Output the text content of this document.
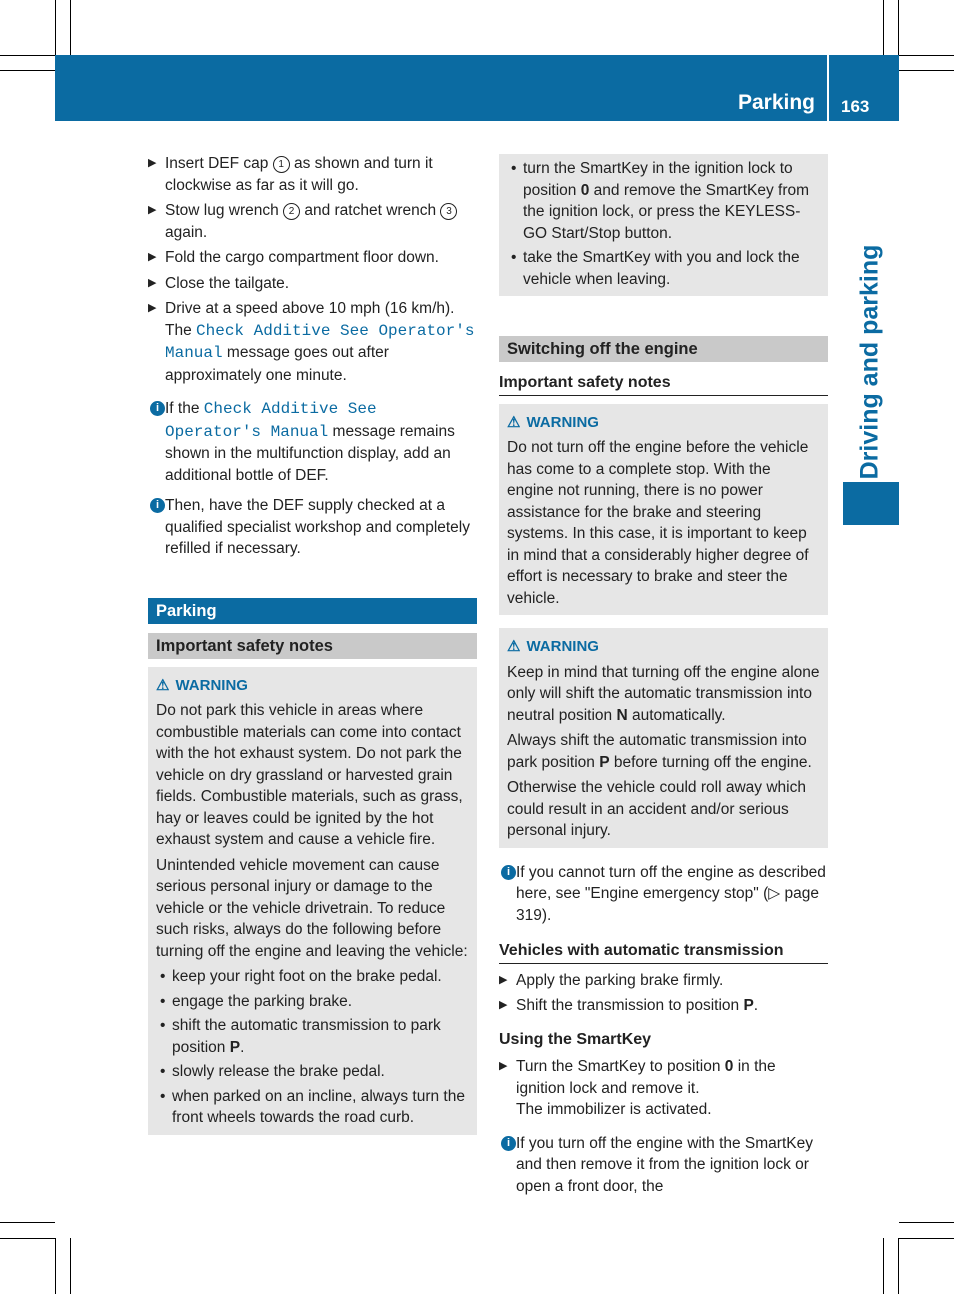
Parking 163
Driving and parking
▶ Insert DEF cap 1 as shown and turn it clockwise as far as it will go.
▶ Stow lug wrench 2 and ratchet wrench 3 again.
▶ Fold the cargo compartment floor down.
▶ Close the tailgate.
▶ Drive at a speed above 10 mph (16 km/h). The Check Additive See Operator's Manual message goes out after approximately one minute.
i If the Check Additive See Operator's Manual message remains shown in the multifunction display, add an additional bottle of DEF.
i Then, have the DEF supply checked at a qualified specialist workshop and completely refilled if necessary.
Parking
Important safety notes
⚠ WARNING

Do not park this vehicle in areas where combustible materials can come into contact with the hot exhaust system. Do not park the vehicle on dry grassland or harvested grain fields. Combustible materials, such as grass, hay or leaves could be ignited by the hot exhaust system and cause a vehicle fire.

Unintended vehicle movement can cause serious personal injury or damage to the vehicle or the vehicle drivetrain. To reduce such risks, always do the following before turning off the engine and leaving the vehicle:

• keep your right foot on the brake pedal.
• engage the parking brake.
• shift the automatic transmission to park position P.
• slowly release the brake pedal.
• when parked on an incline, always turn the front wheels towards the road curb.
• turn the SmartKey in the ignition lock to position 0 and remove the SmartKey from the ignition lock, or press the KEYLESS-GO Start/Stop button.
• take the SmartKey with you and lock the vehicle when leaving.
Switching off the engine
Important safety notes
⚠ WARNING

Do not turn off the engine before the vehicle has come to a complete stop. With the engine not running, there is no power assistance for the brake and steering systems. In this case, it is important to keep in mind that a considerably higher degree of effort is necessary to brake and steer the vehicle.

⚠ WARNING

Keep in mind that turning off the engine alone only will shift the automatic transmission into neutral position N automatically.

Always shift the automatic transmission into park position P before turning off the engine.

Otherwise the vehicle could roll away which could result in an accident and/or serious personal injury.

i If you cannot turn off the engine as described here, see "Engine emergency stop" (▷ page 319).
Vehicles with automatic transmission
▶ Apply the parking brake firmly.
▶ Shift the transmission to position P.
Using the SmartKey
▶ Turn the SmartKey to position 0 in the ignition lock and remove it.
The immobilizer is activated.
i If you turn off the engine with the SmartKey and then remove it from the ignition lock or open a front door, the
